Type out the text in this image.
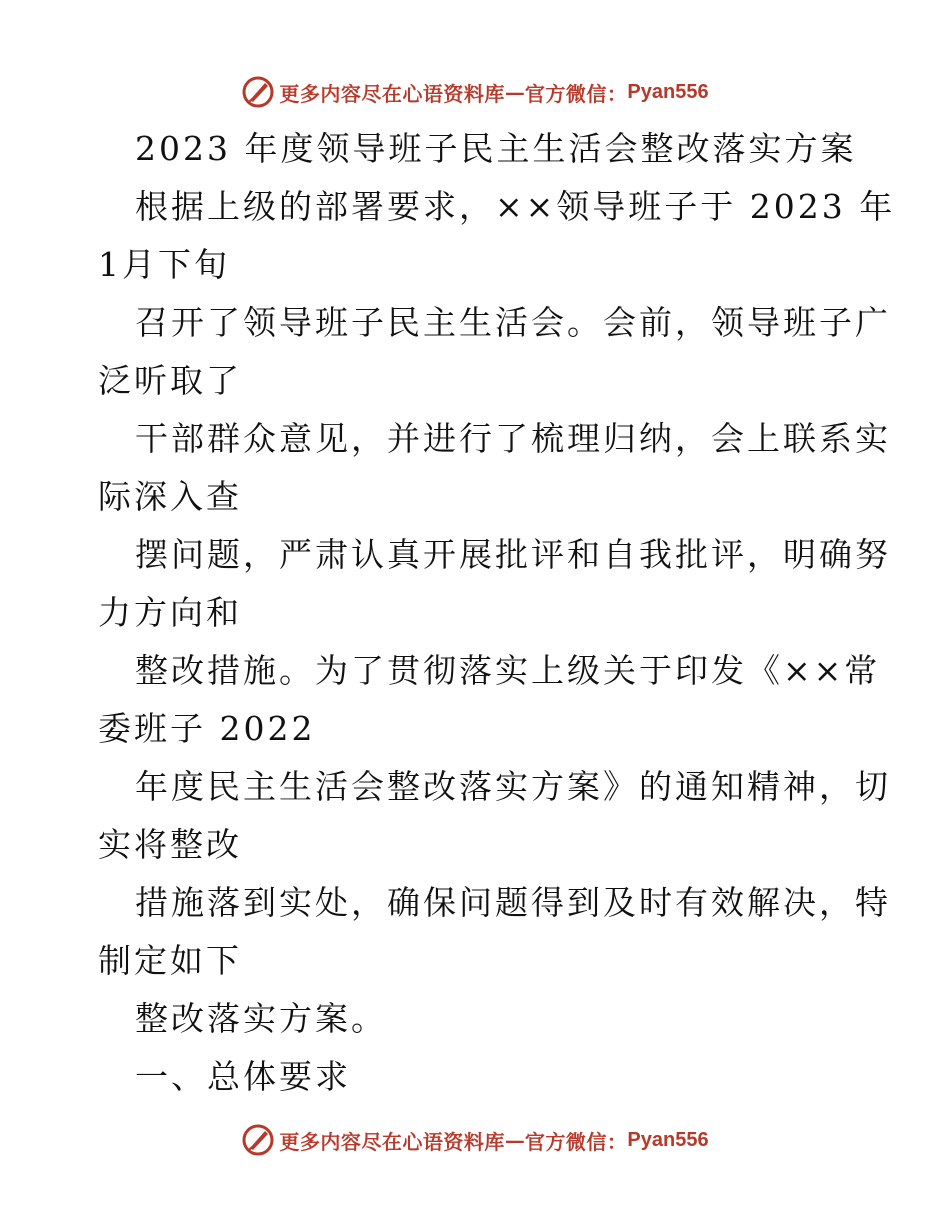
更多内容尽在心语资料库 — 官方微信： Pyan556
2023 年度领导班子民主生活会整改落实方案
根据上级的部署要求，××领导班子于 2023 年
1月下旬
召开了领导班子民主生活会。会前，领导班子广
泛听取了
干部群众意见，并进行了梳理归纳，会上联系实
际深入查
摆问题，严肃认真开展批评和自我批评，明确努
力方向和
整改措施。为了贯彻落实上级关于印发《××常
委班子 2022
年度民主生活会整改落实方案》的通知精神，切
实将整改
措施落到实处，确保问题得到及时有效解决，特
制定如下
整改落实方案。
一、总体要求
更多内容尽在心语资料库 — 官方微信： Pyan556
